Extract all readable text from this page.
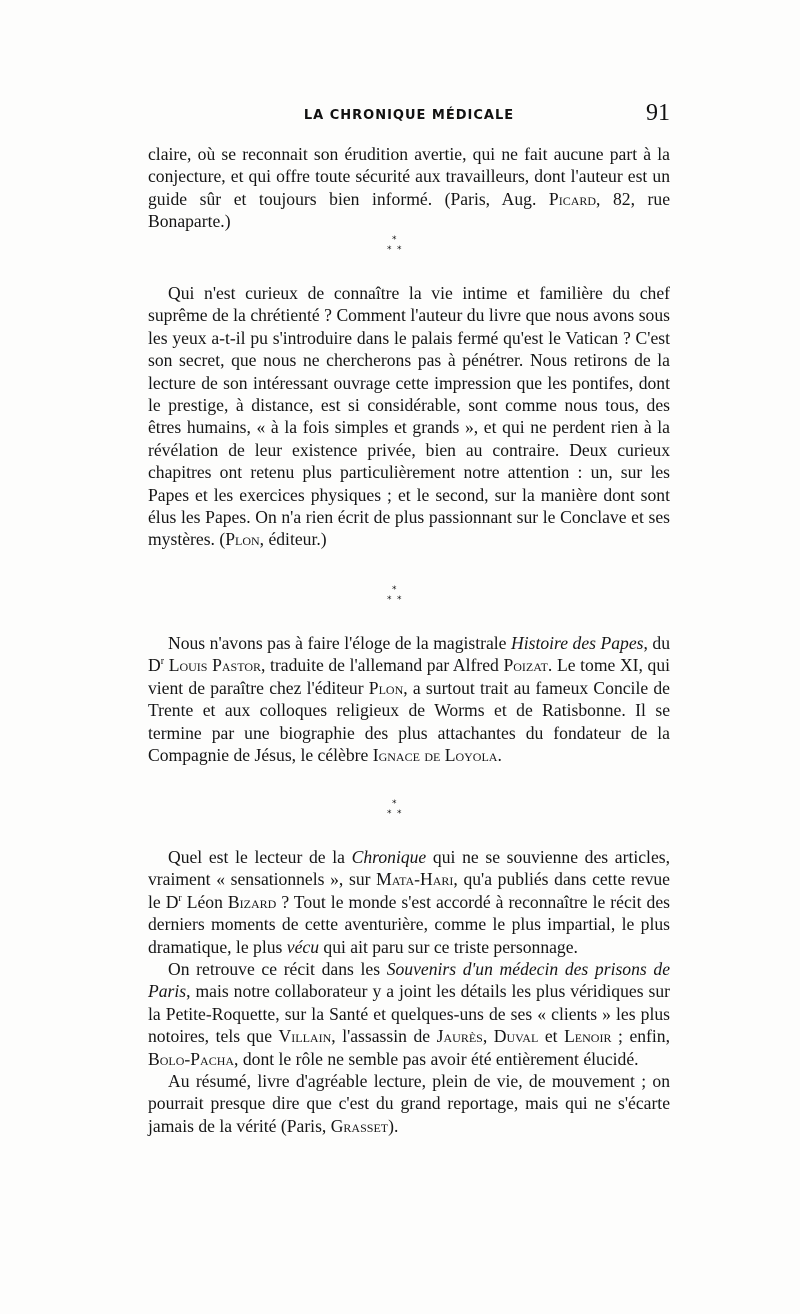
LA CHRONIQUE MÉDICALE	91

claire, où se reconnait son érudition avertie, qui ne fait aucune part à la conjecture, et qui offre toute sécurité aux travailleurs, dont l'auteur est un guide sûr et toujours bien informé. (Paris, Aug. Picard, 82, rue Bonaparte.)

*
* *

Qui n'est curieux de connaître la vie intime et familière du chef suprême de la chrétienté ? Comment l'auteur du livre que nous avons sous les yeux a-t-il pu s'introduire dans le palais fermé qu'est le Vatican ? C'est son secret, que nous ne chercherons pas à pénétrer. Nous retirons de la lecture de son intéressant ouvrage cette impression que les pontifes, dont le prestige, à distance, est si considérable, sont comme nous tous, des êtres humains, « à la fois simples et grands », et qui ne perdent rien à la révélation de leur existence privée, bien au contraire. Deux curieux chapitres ont retenu plus particulièrement notre attention : un, sur les Papes et les exercices physiques ; et le second, sur la manière dont sont élus les Papes. On n'a rien écrit de plus passionnant sur le Conclave et ses mystères. (Plon, éditeur.)

*
* *

Nous n'avons pas à faire l'éloge de la magistrale Histoire des Papes, du $D^r$ Louis Pastor, traduite de l'allemand par Alfred Poizat. Le tome XI, qui vient de paraître chez l'éditeur Plon, a surtout trait au fameux Concile de Trente et aux colloques religieux de Worms et de Ratisbonne. Il se termine par une biographie des plus attachantes du fondateur de la Compagnie de Jésus, le célèbre Ignace de Loyola.

*
* *

Quel est le lecteur de la Chronique qui ne se souvienne des articles, vraiment « sensationnels », sur Mata-Hari, qu'a publiés dans cette revue le $D^r$ Léon Bizard ? Tout le monde s'est accordé à reconnaître le récit des derniers moments de cette aventurière, comme le plus impartial, le plus dramatique, le plus vécu qui ait paru sur ce triste personnage.

On retrouve ce récit dans les Souvenirs d'un médecin des prisons de Paris, mais notre collaborateur y a joint les détails les plus véridiques sur la Petite-Roquette, sur la Santé et quelques-uns de ses « clients » les plus notoires, tels que Villain, l'assassin de Jaurès, Duval et Lenoir ; enfin, Bolo-Pacha, dont le rôle ne semble pas avoir été entièrement élucidé.

Au résumé, livre d'agréable lecture, plein de vie, de mouvement ; on pourrait presque dire que c'est du grand reportage, mais qui ne s'écarte jamais de la vérité (Paris, Grasset).
